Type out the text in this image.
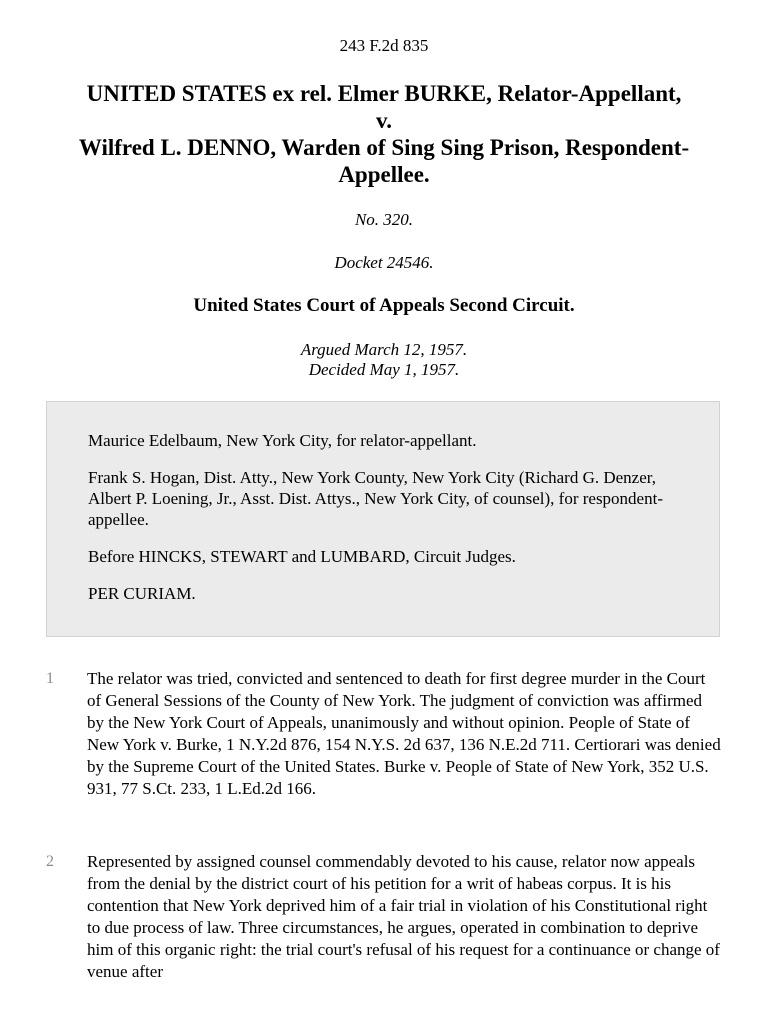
243 F.2d 835
UNITED STATES ex rel. Elmer BURKE, Relator-Appellant,
v.
Wilfred L. DENNO, Warden of Sing Sing Prison, Respondent-
Appellee.
No. 320.
Docket 24546.
United States Court of Appeals Second Circuit.
Argued March 12, 1957.
Decided May 1, 1957.

Maurice Edelbaum, New York City, for relator-appellant.

Frank S. Hogan, Dist. Atty., New York County, New York City (Richard G. Denzer, Albert P. Loening, Jr., Asst. Dist. Attys., New York City, of counsel), for respondent-appellee.

Before HINCKS, STEWART and LUMBARD, Circuit Judges.

PER CURIAM.

1 The relator was tried, convicted and sentenced to death for first degree murder in the Court of General Sessions of the County of New York. The judgment of conviction was affirmed by the New York Court of Appeals, unanimously and without opinion. People of State of New York v. Burke, 1 N.Y.2d 876, 154 N.Y.S. 2d 637, 136 N.E.2d 711. Certiorari was denied by the Supreme Court of the United States. Burke v. People of State of New York, 352 U.S. 931, 77 S.Ct. 233, 1 L.Ed.2d 166.

2 Represented by assigned counsel commendably devoted to his cause, relator now appeals from the denial by the district court of his petition for a writ of habeas corpus. It is his contention that New York deprived him of a fair trial in violation of his Constitutional right to due process of law. Three circumstances, he argues, operated in combination to deprive him of this organic right: the trial court's refusal of his request for a continuance or change of venue after
